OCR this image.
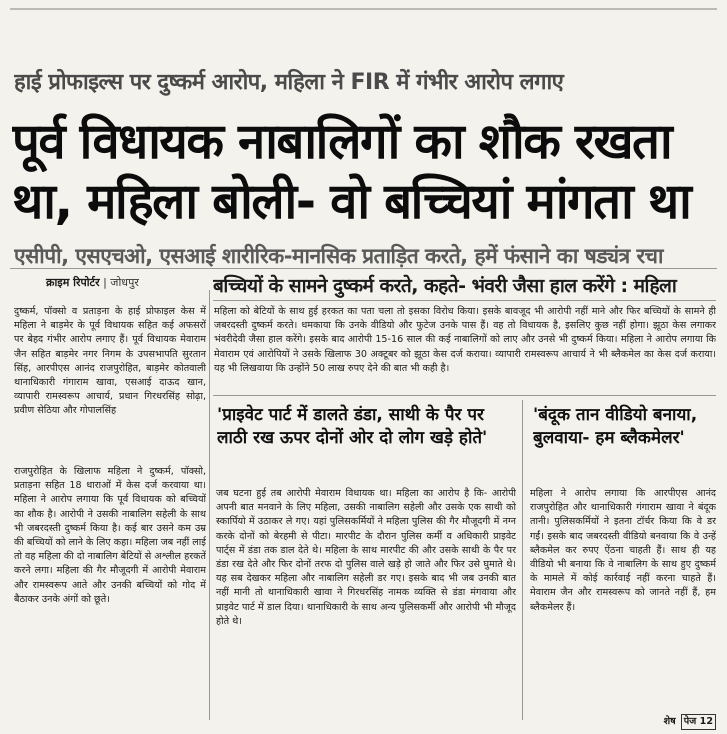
हाई प्रोफाइल्स पर दुष्कर्म आरोप, महिला ने FIR में गंभीर आरोप लगाए
पूर्व विधायक नाबालिगों का शौक रखता
था, महिला बोली- वो बच्चियां मांगता था
एसीपी, एसएचओ, एसआई शारीरिक-मानसिक प्रताड़ित करते, हमें फंसाने का षड्यंत्र रचा
क्राइम रिपोर्टर | जोधपुर	बच्चियों के सामने दुष्कर्म करते, कहते- भंवरी जैसा हाल करेंगे : महिला
दुष्कर्म, पॉक्सो व प्रताड़ना के हाई प्रोफाइल केस में महिला ने बाड़मेर के पूर्व विधायक सहित कई अफसरों पर बेहद गंभीर आरोप लगाए हैं। पूर्व विधायक मेवाराम जैन सहित बाड़मेर नगर निगम के उपसभापति सुरतान सिंह, आरपीएस आनंद राजपुरोहित, बाड़मेर कोतवाली थानाधिकारी गंगाराम खावा, एसआई दाऊद खान, व्यापारी रामस्वरूप आचार्य, प्रधान गिरधरसिंह सोढ़ा, प्रवीण सेठिया और गोपालसिंह
महिला को बेटियों के साथ हुई हरकत का पता चला तो इसका विरोध किया। इसके बावजूद भी आरोपी नहीं माने और फिर बच्चियों के सामने ही जबरदस्ती दुष्कर्म करते। धमकाया कि उनके वीडियो और फुटेज उनके पास हैं। वह तो विधायक है, इसलिए कुछ नहीं होगा। झूठा केस लगाकर भंवरीदेवी जैसा हाल करेंगे। इसके बाद आरोपी 15-16 साल की कई नाबालिगों को लाए और उनसे भी दुष्कर्म किया। महिला ने आरोप लगाया कि मेवाराम एवं आरोपियों ने उसके खिलाफ 30 अक्टूबर को झूठा केस दर्ज कराया। व्यापारी रामस्वरूप आचार्य ने भी ब्लैकमेल का केस दर्ज कराया। यह भी लिखवाया कि उन्होंने 50 लाख रुपए देने की बात भी कही है।
'प्राइवेट पार्ट में डालते डंडा, साथी के पैर पर
लाठी रख ऊपर दोनों ओर दो लोग खड़े होते'
'बंदूक तान वीडियो बनाया,
बुलवाया- हम ब्लैकमेलर'
राजपुरोहित के खिलाफ महिला ने दुष्कर्म, पॉक्सो, प्रताड़ना सहित 18 धाराओं में केस दर्ज करवाया था। महिला ने आरोप लगाया कि पूर्व विधायक को बच्चियों का शौक है। आरोपी ने उसकी नाबालिग सहेली के साथ भी जबरदस्ती दुष्कर्म किया है। कई बार उसने कम उम्र की बच्चियों को लाने के लिए कहा। महिला जब नहीं लाई तो वह महिला की दो नाबालिग बेटियों से अश्लील हरकतें करने लगा। महिला की गैर मौजूदगी में आरोपी मेवाराम और रामस्वरूप आते और उनकी बच्चियों को गोद में बैठाकर उनके अंगों को छूते।
जब घटना हुई तब आरोपी मेवाराम विधायक था। महिला का आरोप है कि- आरोपी अपनी बात मनवाने के लिए महिला, उसकी नाबालिग सहेली और उसके एक साथी को स्कार्पियो में उठाकर ले गए। यहां पुलिसकर्मियों ने महिला पुलिस की गैर मौजूदगी में नग्न करके दोनों को बेरहमी से पीटा। मारपीट के दौरान पुलिस कर्मी व अधिकारी प्राइवेट पार्ट्स में डंडा तक डाल देते थे। महिला के साथ मारपीट की और उसके साथी के पैर पर डंडा रख देते और फिर दोनों तरफ दो पुलिस वाले खड़े हो जाते और फिर उसे घुमाते थे। यह सब देखकर महिला और नाबालिग सहेली डर गए। इसके बाद भी जब उनकी बात नहीं मानी तो थानाधिकारी खावा ने गिरधरसिंह नामक व्यक्ति से डंडा मंगवाया और प्राइवेट पार्ट में डाल दिया। थानाधिकारी के साथ अन्य पुलिसकर्मी और आरोपी भी मौजूद होते थे।
महिला ने आरोप लगाया कि आरपीएस आनंद राजपुरोहित और थानाधिकारी गंगाराम खावा ने बंदूक तानी। पुलिसकर्मियों ने इतना टॉर्चर किया कि वे डर गईं। इसके बाद जबरदस्ती वीडियो बनवाया कि वे उन्हें ब्लैकमेल कर रुपए ऐंठना चाहती हैं। साथ ही यह वीडियो भी बनाया कि वे नाबालिग के साथ हुए दुष्कर्म के मामले में कोई कार्रवाई नहीं करना चाहते हैं। मेवाराम जैन और रामस्वरूप को जानते नहीं हैं, हम ब्लैकमेलर हैं।
शेष पेज 12
